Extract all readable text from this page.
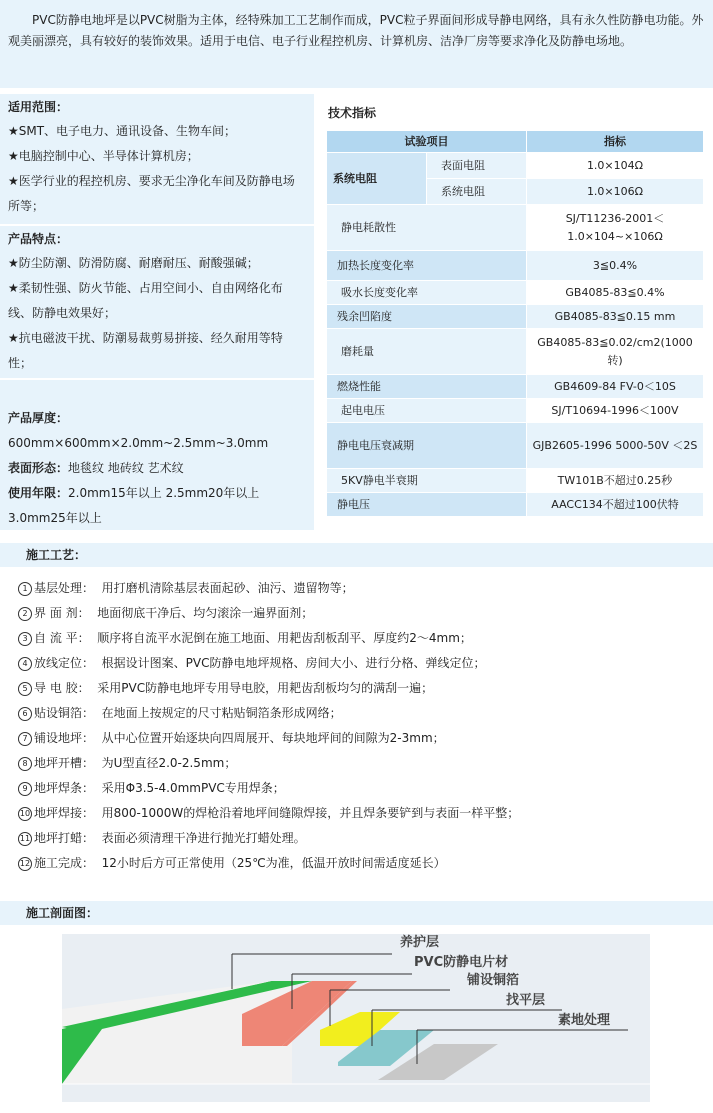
PVC防静电地坪是以PVC树脂为主体，经特殊加工工艺制作而成，PVC粒子界面间形成导静电网络，具有永久性防静电功能。外观美丽漂亮，具有较好的装饰效果。适用于电信、电子行业程控机房、计算机房、洁净厂房等要求净化及防静电场地。
适用范围：

★SMT、电子电力、通讯设备、生物车间；

★电脑控制中心、半导体计算机房；

★医学行业的程控机房、要求无尘净化车间及防静电场所等；

产品特点：

★防尘防潮、防滑防腐、耐磨耐压、耐酸强碱；

★柔韧性强、防火节能、占用空间小、自由网络化布线、防静电效果好；

★抗电磁波干扰、防潮易裁剪易拼接、经久耐用等特性；

产品厚度：600mm×600mm×2.0mm~2.5mm~3.0mm

表面形态：地毯纹 地砖纹 艺术纹

使用年限：2.0mm15年以上 2.5mm20年以上 3.0mm25年以上

技术指标
试验项目		指标
系统电阻	表面电阻	1.0×104Ω
	系统电阻	1.0×106Ω
静电耗散性		SJ/T11236-2001＜ 1.0×104~×106Ω
加热长度变化率		3≦0.4%
吸水长度变化率		GB4085-83≦0.4%
残余凹陷度		GB4085-83≦0.15 mm
磨耗量		GB4085-83≦0.02/cm2(1000转)
燃烧性能		GB4609-84 FV-0＜10S
起电电压		SJ/T10694-1996＜100V
静电电压衰减期		GJB2605-1996 5000-50V ＜2S
5KV静电半衰期		TW101B不超过0.25秒
静电压		AACC134不超过100伏特
施工工艺：
1 基层处理： 用打磨机清除基层表面起砂、油污、遗留物等；
2 界 面 剂： 地面彻底干净后、均匀滚涂一遍界面剂；
3 自 流 平： 顺序将自流平水泥倒在施工地面、用耙齿刮板刮平、厚度约2～4mm；
4 放线定位： 根据设计图案、PVC防静电地坪规格、房间大小、进行分格、弹线定位；
5 导 电 胶： 采用PVC防静电地坪专用导电胶，用耙齿刮板均匀的满刮一遍；
6 贴设铜箔： 在地面上按规定的尺寸粘贴铜箔条形成网络；
7 铺设地坪： 从中心位置开始逐块向四周展开、每块地坪间的间隙为2-3mm；
8 地坪开槽： 为U型直径2.0-2.5mm；
9 地坪焊条： 采用Φ3.5-4.0mmPVC专用焊条；
10 地坪焊接： 用800-1000W的焊枪沿着地坪间缝隙焊接，并且焊条要铲到与表面一样平整；
11 地坪打蜡： 表面必须清理干净进行抛光打蜡处理。
12 施工完成： 12小时后方可正常使用（25℃为准，低温开放时间需适度延长）
施工剖面图：
养护层
PVC防静电片材
铺设铜箔
找平层
素地处理
